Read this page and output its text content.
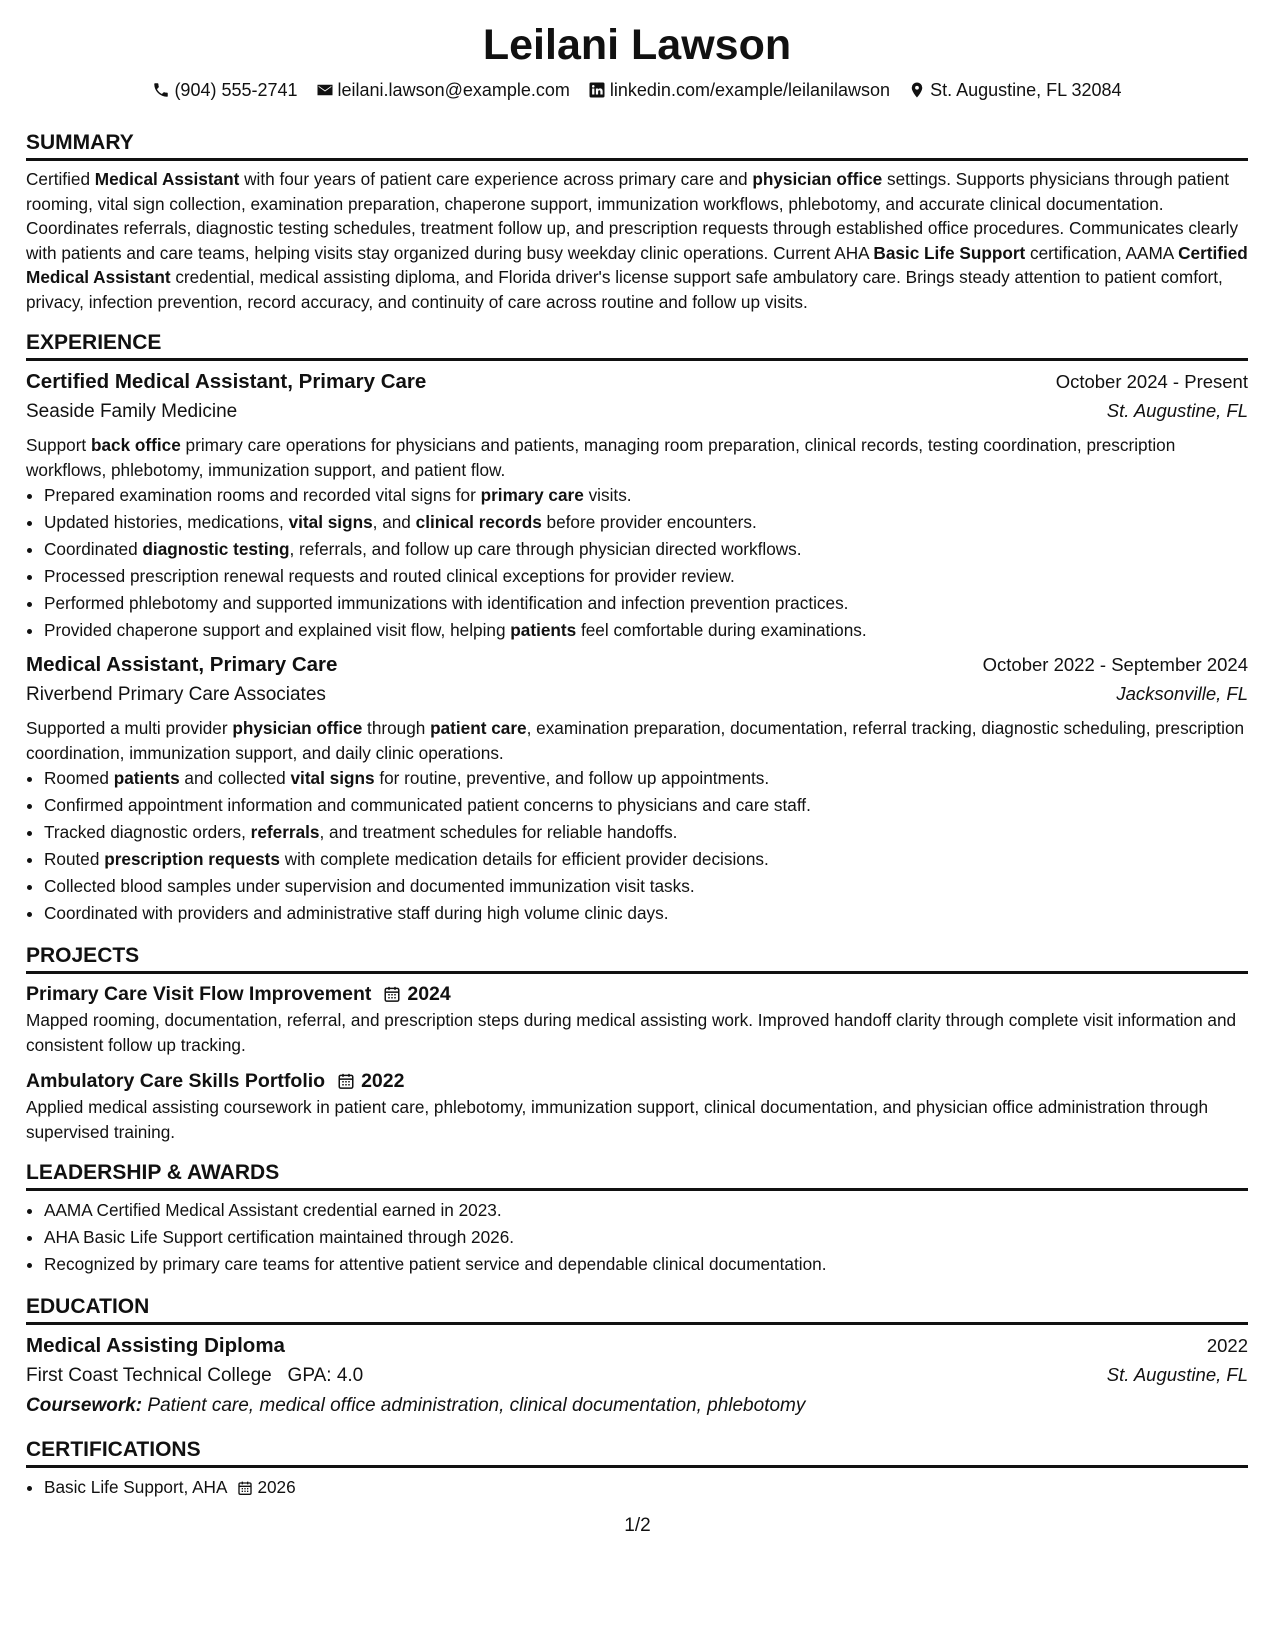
Leilani Lawson
(904) 555-2741 leilani.lawson@example.com linkedin.com/example/leilanilawson St. Augustine, FL 32084
SUMMARY

Certified Medical Assistant with four years of patient care experience across primary care and physician office settings. Supports physicians through patient rooming, vital sign collection, examination preparation, chaperone support, immunization workflows, phlebotomy, and accurate clinical documentation. Coordinates referrals, diagnostic testing schedules, treatment follow up, and prescription requests through established office procedures. Communicates clearly with patients and care teams, helping visits stay organized during busy weekday clinic operations. Current AHA Basic Life Support certification, AAMA Certified Medical Assistant credential, medical assisting diploma, and Florida driver's license support safe ambulatory care. Brings steady attention to patient comfort, privacy, infection prevention, record accuracy, and continuity of care across routine and follow up visits.

EXPERIENCE
Certified Medical Assistant, Primary Care	October 2024 - Present
Seaside Family Medicine	St. Augustine, FL

Support back office primary care operations for physicians and patients, managing room preparation, clinical records, testing coordination, prescription workflows, phlebotomy, immunization support, and patient flow.

• Prepared examination rooms and recorded vital signs for primary care visits.
• Updated histories, medications, vital signs, and clinical records before provider encounters.
• Coordinated diagnostic testing, referrals, and follow up care through physician directed workflows.
• Processed prescription renewal requests and routed clinical exceptions for provider review.
• Performed phlebotomy and supported immunizations with identification and infection prevention practices.
• Provided chaperone support and explained visit flow, helping patients feel comfortable during examinations.
Medical Assistant, Primary Care	October 2022 - September 2024
Riverbend Primary Care Associates	Jacksonville, FL

Supported a multi provider physician office through patient care, examination preparation, documentation, referral tracking, diagnostic scheduling, prescription coordination, immunization support, and daily clinic operations.

• Roomed patients and collected vital signs for routine, preventive, and follow up appointments.
• Confirmed appointment information and communicated patient concerns to physicians and care staff.
• Tracked diagnostic orders, referrals, and treatment schedules for reliable handoffs.
• Routed prescription requests with complete medication details for efficient provider decisions.
• Collected blood samples under supervision and documented immunization visit tasks.
• Coordinated with providers and administrative staff during high volume clinic days.
PROJECTS
Primary Care Visit Flow Improvement 2024

Mapped rooming, documentation, referral, and prescription steps during medical assisting work. Improved handoff clarity through complete visit information and consistent follow up tracking.

Ambulatory Care Skills Portfolio 2022

Applied medical assisting coursework in patient care, phlebotomy, immunization support, clinical documentation, and physician office administration through supervised training.

LEADERSHIP & AWARDS
• AAMA Certified Medical Assistant credential earned in 2023.
• AHA Basic Life Support certification maintained through 2026.
• Recognized by primary care teams for attentive patient service and dependable clinical documentation.
EDUCATION
Medical Assisting Diploma	2022
First Coast Technical College GPA: 4.0	St. Augustine, FL
Coursework: Patient care, medical office administration, clinical documentation, phlebotomy
CERTIFICATIONS
• Basic Life Support, AHA 2026
1/2
